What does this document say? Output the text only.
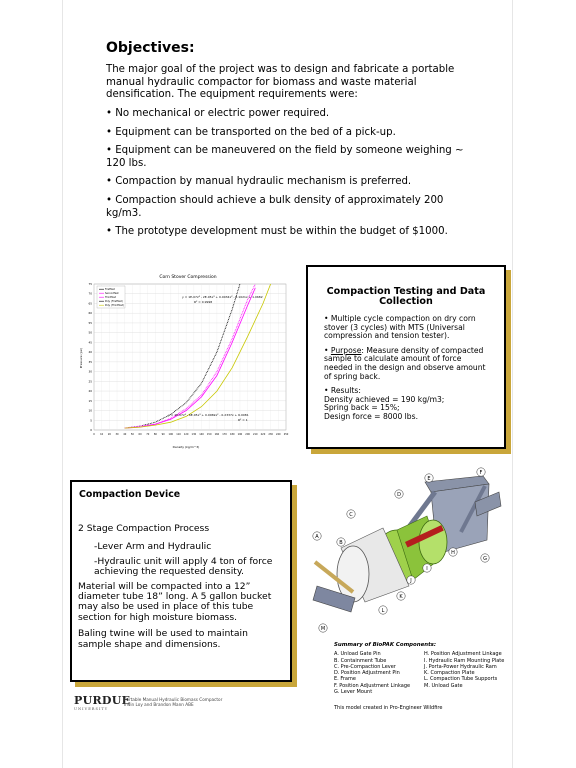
Objectives:
The major goal of the project was to design and fabricate a portable manual hydraulic compactor for biomass and waste material densification. The equipment requirements were:
• No mechanical or electric power required.
• Equipment can be transported on the bed of a pick-up.
• Equipment can be maneuvered on the field by someone weighing ~ 120 lbs.
• Compaction by manual hydraulic mechanism is preferred.
• Compaction should achieve a bulk density of approximately 200 kg/m3.
• The prototype development must be within the budget of $1000.
Corn Stover Compression
Density (kg/m^3)
Pressure (psi)
0
5
10
15
20
25
30
35
40
45
50
55
60
65
70
75
0 10 20 30 40 50 60 70 80 90 100 110 120 130 140 150 160 170 180 190 200 210 220 230 240 250
FirstTest
SecondTest
ThirdTest
Poly. (FirstTest)
Poly. (ThirdTest)
y = 1E-07x⁴ - 2E-05x³ + 0.0034x² - 0.1021x + 1.0682
R² = 0.9998
y = 1E-07x⁴ - 6E-05x³ + 0.0069x² - 0.2337x + 6.0081
R² = 1
Compaction Testing and Data Collection

• Multiple cycle compaction on dry corn stover (3 cycles) with MTS (Universal compression and tension tester).

• Purpose: Measure density of compacted sample to calculate amount of force needed in the design and observe amount of spring back.

• Results:
Density achieved = 190 kg/m3;
Spring back = 15%;
Design force = 8000 lbs.

Compaction Device

2 Stage Compaction Process

-Lever Arm and Hydraulic

-Hydraulic unit will apply 4 ton of force achieving the requested density.

Material will be compacted into a 12” diameter tube 18” long. A 5 gallon bucket may also be used in place of this tube section for high moisture biomass.

Baling twine will be used to maintain sample shape and dimensions.

A
B
C
D
E
F
G
H
I
J
K
L
M
Summary of BioPAK Components:
A. Unload Gate Pin
B. Containment Tube
C. Pre-Compaction Lever
D. Position Adjustment Pin
E. Frame
F. Position Adjustment Linkage
G. Lever Mount
H. Position Adjustment Linkage
I. Hydraulic Ram Mounting Plate
J. Porta-Power Hydraulic Ram
K. Compaction Plate
L. Compaction Tube Supports
M. Unload Gate
This model created in Pro-Engineer Wildfire
PURDUE
UNIVERSITY
Portable Manual Hydraulic Biomass Compactor
Irwin Loy and Brandon Mann ABE
